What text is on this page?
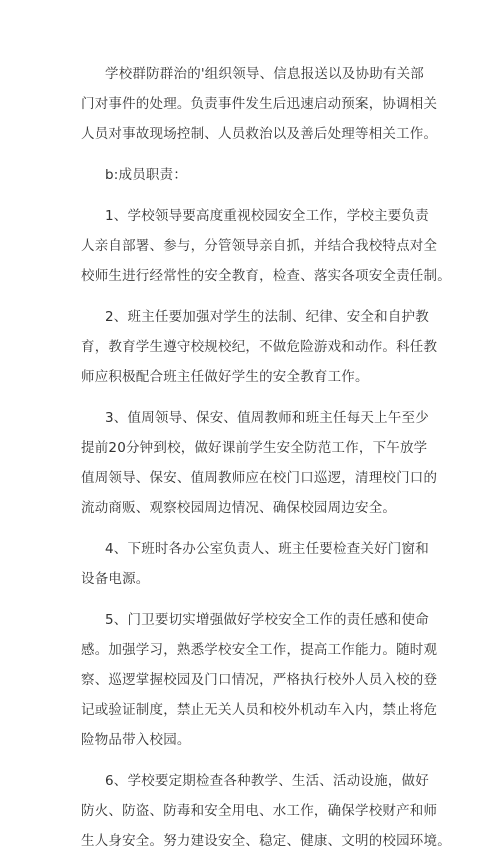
学校群防群治的'组织领导、信息报送以及协助有关部
门对事件的处理。负责事件发生后迅速启动预案，协调相关
人员对事故现场控制、人员救治以及善后处理等相关工作。

b:成员职责：

1、学校领导要高度重视校园安全工作，学校主要负责
人亲自部署、参与，分管领导亲自抓，并结合我校特点对全
校师生进行经常性的安全教育，检查、落实各项安全责任制。

2、班主任要加强对学生的法制、纪律、安全和自护教
育，教育学生遵守校规校纪，不做危险游戏和动作。科任教
师应积极配合班主任做好学生的安全教育工作。

3、值周领导、保安、值周教师和班主任每天上午至少
提前20分钟到校，做好课前学生安全防范工作，下午放学
值周领导、保安、值周教师应在校门口巡逻，清理校门口的
流动商贩、观察校园周边情况、确保校园周边安全。

4、下班时各办公室负责人、班主任要检查关好门窗和
设备电源。

5、门卫要切实增强做好学校安全工作的责任感和使命
感。加强学习，熟悉学校安全工作，提高工作能力。随时观
察、巡逻掌握校园及门口情况，严格执行校外人员入校的登
记或验证制度，禁止无关人员和校外机动车入内，禁止将危
险物品带入校园。

6、学校要定期检查各种教学、生活、活动设施，做好
防火、防盗、防毒和安全用电、水工作，确保学校财产和师
生人身安全。努力建设安全、稳定、健康、文明的校园环境。
